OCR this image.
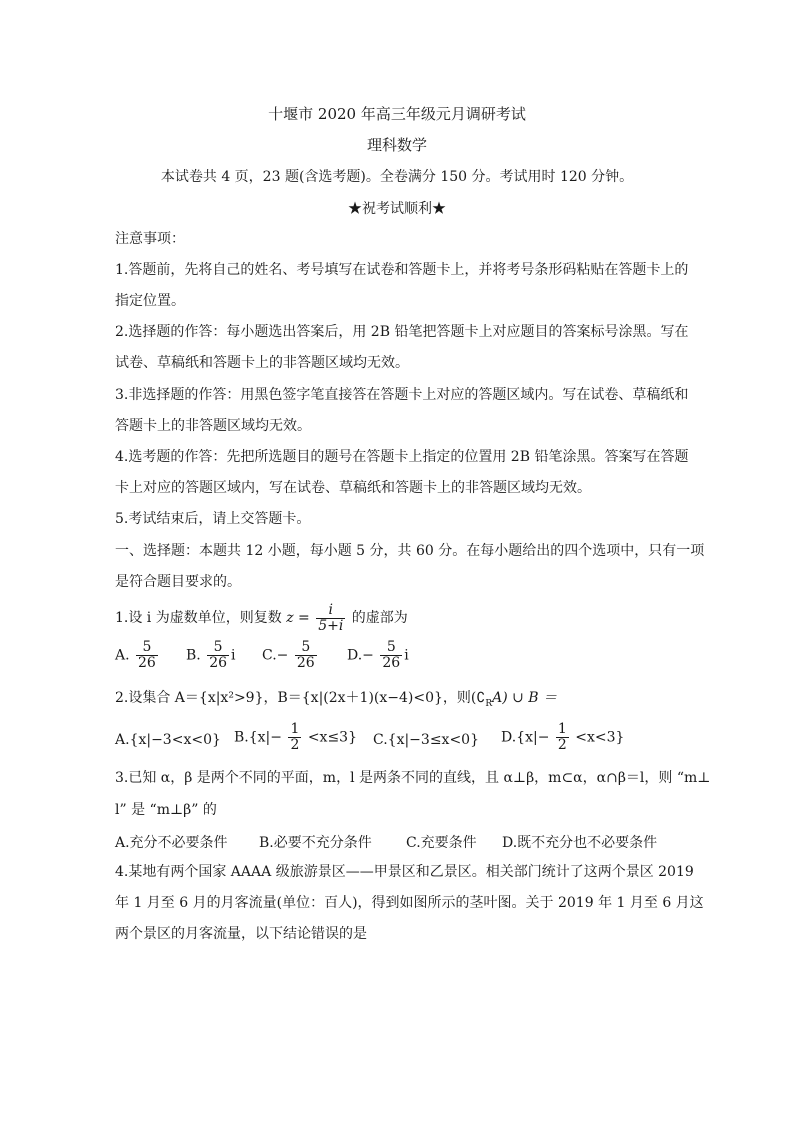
十堰市 2020 年高三年级元月调研考试
理科数学
本试卷共 4 页，23 题(含选考题)。全卷满分 150 分。考试用时 120 分钟。
★祝考试顺利★
注意事项：
1.答题前，先将自己的姓名、考号填写在试卷和答题卡上，并将考号条形码粘贴在答题卡上的
指定位置。
2.选择题的作答：每小题选出答案后，用 2B 铅笔把答题卡上对应题目的答案标号涂黑。写在
试卷、草稿纸和答题卡上的非答题区域均无效。
3.非选择题的作答：用黑色签字笔直接答在答题卡上对应的答题区域内。写在试卷、草稿纸和
答题卡上的非答题区域均无效。
4.选考题的作答：先把所选题目的题号在答题卡上指定的位置用 2B 铅笔涂黑。答案写在答题
卡上对应的答题区域内，写在试卷、草稿纸和答题卡上的非答题区域均无效。
5.考试结束后，请上交答题卡。
一、选择题：本题共 12 小题，每小题 5 分，共 60 分。在每小题给出的四个选项中，只有一项
是符合题目要求的。
1.设 i 为虚数单位，则复数 $z = \frac{i}{5+i}$ 的虚部为
A. $\frac{5}{26} B$. $\frac{5}{26}$ i $C.- \frac{5}{26} D.- \frac{5}{26}$ i
2.设集合 A＝{x|x²>9}，B＝{x|(2x＋1)(x−4)<0}，则$(∁_RA)$ ∪ B ＝
A.{x|−3<x<0} $B.\{x|- \frac{1}{2} <x\le 3\}$ C.{x|−3≤x<0} $D.\{x|- \frac{1}{2} <x<3\}$
3.已知 α，β 是两个不同的平面，m，l 是两条不同的直线，且 α⊥β，m⊂α，α∩β＝l，则 “m⊥
l” 是 “m⊥β” 的
A.充分不必要条件 B.必要不充分条件 C.充要条件 D.既不充分也不必要条件
4.某地有两个国家 AAAA 级旅游景区——甲景区和乙景区。相关部门统计了这两个景区 2019
年 1 月至 6 月的月客流量(单位：百人)，得到如图所示的茎叶图。关于 2019 年 1 月至 6 月这
两个景区的月客流量，以下结论错误的是
